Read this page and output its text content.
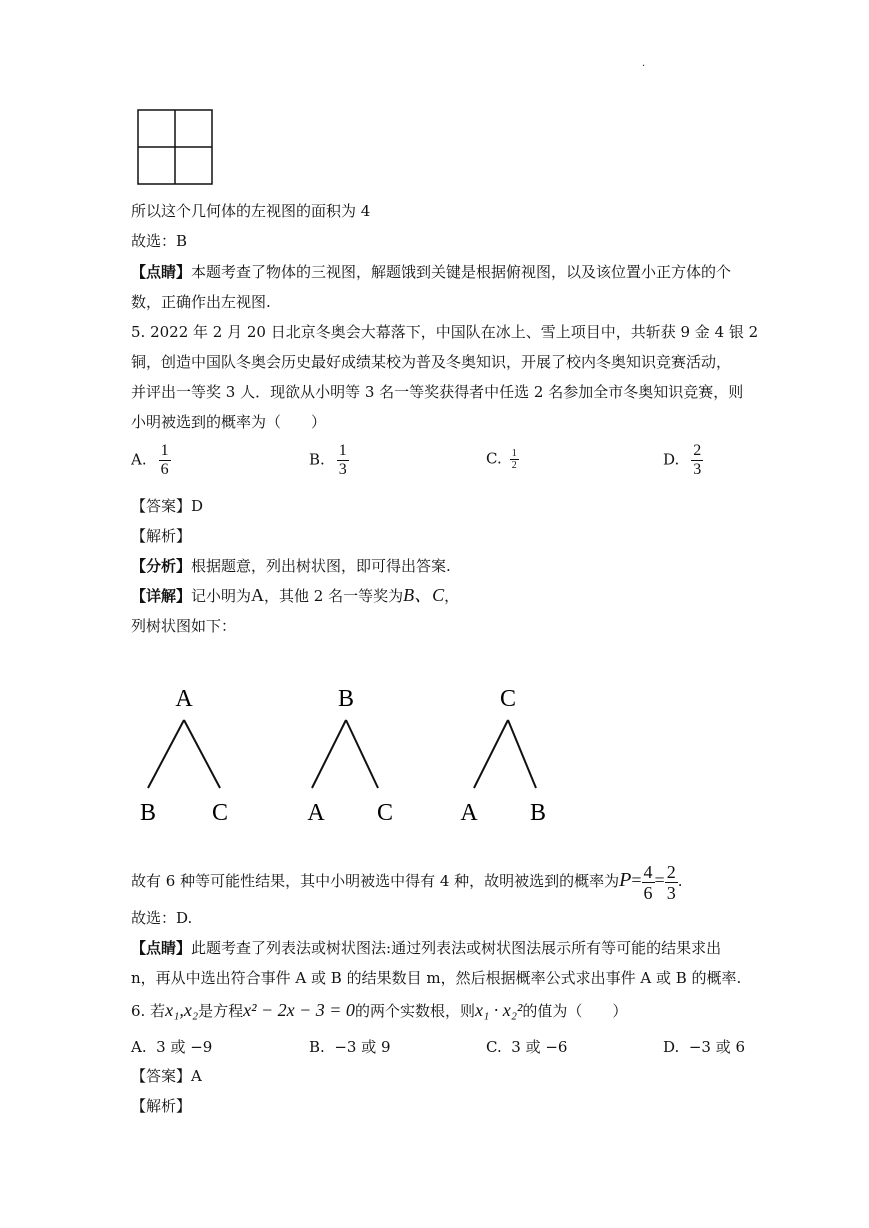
.
所以这个几何体的左视图的面积为 4
故选：B
【点睛】本题考查了物体的三视图，解题饿到关键是根据俯视图，以及该位置小正方体的个
数，正确作出左视图.
5. 2022 年 2 月 20 日北京冬奥会大幕落下，中国队在冰上、雪上项目中，共斩获 9 金 4 银 2
铜，创造中国队冬奥会历史最好成绩某校为普及冬奥知识，开展了校内冬奥知识竞赛活动，
并评出一等奖 3 人．现欲从小明等 3 名一等奖获得者中任选 2 名参加全市冬奥知识竞赛，则
小明被选到的概率为（　　）
A. $\frac{1}{6}$	B. $\frac{1}{3}$	C. $\frac{1}{2}$	D. $\frac{2}{3}$
【答案】D
【解析】
【分析】根据题意，列出树状图，即可得出答案.
【详解】记小明为A，其他 2 名一等奖为B、C，
列树状图如下：
A
B C
B
A C
C
A B
故有 6 种等可能性结果，其中小明被选中得有 4 种，故明被选到的概率为$P= \frac{4}{6} = \frac{2}{3}$ .
故选：D.
【点睛】此题考查了列表法或树状图法:通过列表法或树状图法展示所有等可能的结果求出
n，再从中选出符合事件 A 或 B 的结果数目 m，然后根据概率公式求出事件 A 或 B 的概率.
6. 若x₁,x₂是方程x² − 2x − 3 = 0的两个实数根，则x₁ · x₂²的值为（　　）
A. 3 或 −9	B. −3 或 9	C. 3 或 −6	D. −3 或 6
【答案】A
【解析】
